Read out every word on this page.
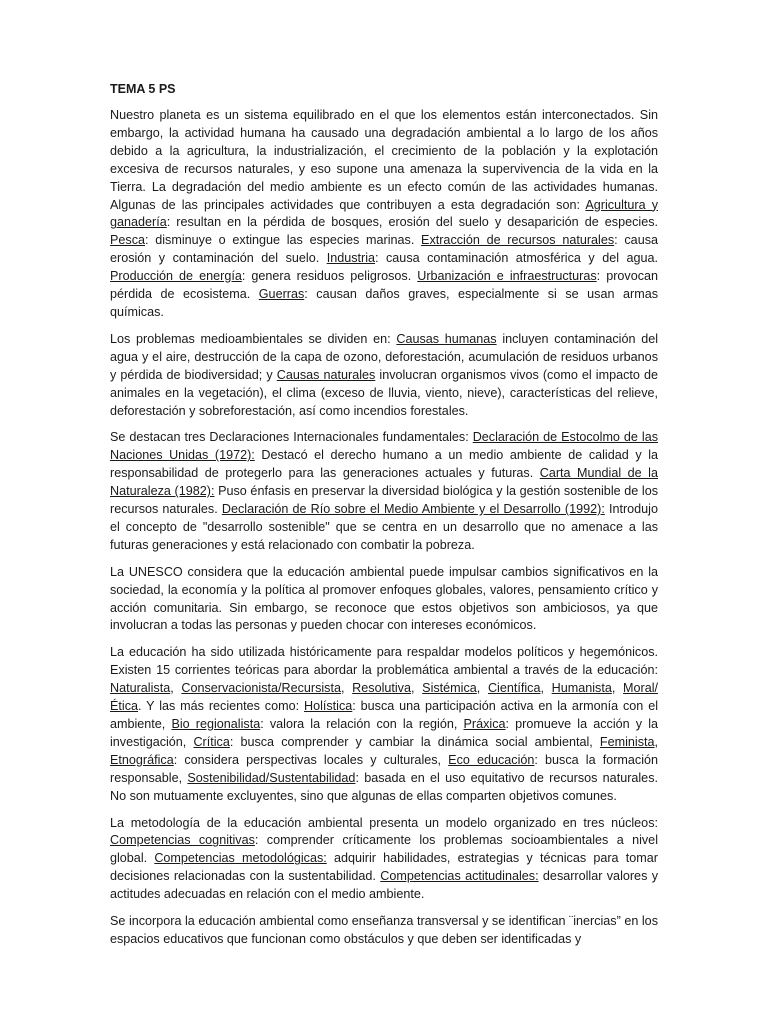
TEMA 5 PS

Nuestro planeta es un sistema equilibrado en el que los elementos están interconectados. Sin embargo, la actividad humana ha causado una degradación ambiental a lo largo de los años debido a la agricultura, la industrialización, el crecimiento de la población y la explotación excesiva de recursos naturales, y eso supone una amenaza la supervivencia de la vida en la Tierra. La degradación del medio ambiente es un efecto común de las actividades humanas. Algunas de las principales actividades que contribuyen a esta degradación son: Agricultura y ganadería: resultan en la pérdida de bosques, erosión del suelo y desaparición de especies. Pesca: disminuye o extingue las especies marinas. Extracción de recursos naturales: causa erosión y contaminación del suelo. Industria: causa contaminación atmosférica y del agua. Producción de energía: genera residuos peligrosos. Urbanización e infraestructuras: provocan pérdida de ecosistema. Guerras: causan daños graves, especialmente si se usan armas químicas.

Los problemas medioambientales se dividen en: Causas humanas incluyen contaminación del agua y el aire, destrucción de la capa de ozono, deforestación, acumulación de residuos urbanos y pérdida de biodiversidad; y Causas naturales involucran organismos vivos (como el impacto de animales en la vegetación), el clima (exceso de lluvia, viento, nieve), características del relieve, deforestación y sobreforestación, así como incendios forestales.

Se destacan tres Declaraciones Internacionales fundamentales: Declaración de Estocolmo de las Naciones Unidas (1972): Destacó el derecho humano a un medio ambiente de calidad y la responsabilidad de protegerlo para las generaciones actuales y futuras. Carta Mundial de la Naturaleza (1982): Puso énfasis en preservar la diversidad biológica y la gestión sostenible de los recursos naturales. Declaración de Río sobre el Medio Ambiente y el Desarrollo (1992): Introdujo el concepto de "desarrollo sostenible" que se centra en un desarrollo que no amenace a las futuras generaciones y está relacionado con combatir la pobreza.

La UNESCO considera que la educación ambiental puede impulsar cambios significativos en la sociedad, la economía y la política al promover enfoques globales, valores, pensamiento crítico y acción comunitaria. Sin embargo, se reconoce que estos objetivos son ambiciosos, ya que involucran a todas las personas y pueden chocar con intereses económicos.

La educación ha sido utilizada históricamente para respaldar modelos políticos y hegemónicos. Existen 15 corrientes teóricas para abordar la problemática ambiental a través de la educación: Naturalista, Conservacionista/Recursista, Resolutiva, Sistémica, Científica, Humanista, Moral/Ética. Y las más recientes como: Holística: busca una participación activa en la armonía con el ambiente, Bio regionalista: valora la relación con la región, Práxica: promueve la acción y la investigación, Crítica: busca comprender y cambiar la dinámica social ambiental, Feminista, Etnográfica: considera perspectivas locales y culturales, Eco educación: busca la formación responsable, Sostenibilidad/Sustentabilidad: basada en el uso equitativo de recursos naturales. No son mutuamente excluyentes, sino que algunas de ellas comparten objetivos comunes.

La metodología de la educación ambiental presenta un modelo organizado en tres núcleos: Competencias cognitivas: comprender críticamente los problemas socioambientales a nivel global. Competencias metodológicas: adquirir habilidades, estrategias y técnicas para tomar decisiones relacionadas con la sustentabilidad. Competencias actitudinales: desarrollar valores y actitudes adecuadas en relación con el medio ambiente.

Se incorpora la educación ambiental como enseñanza transversal y se identifican ¨inercias” en los espacios educativos que funcionan como obstáculos y que deben ser identificadas y
